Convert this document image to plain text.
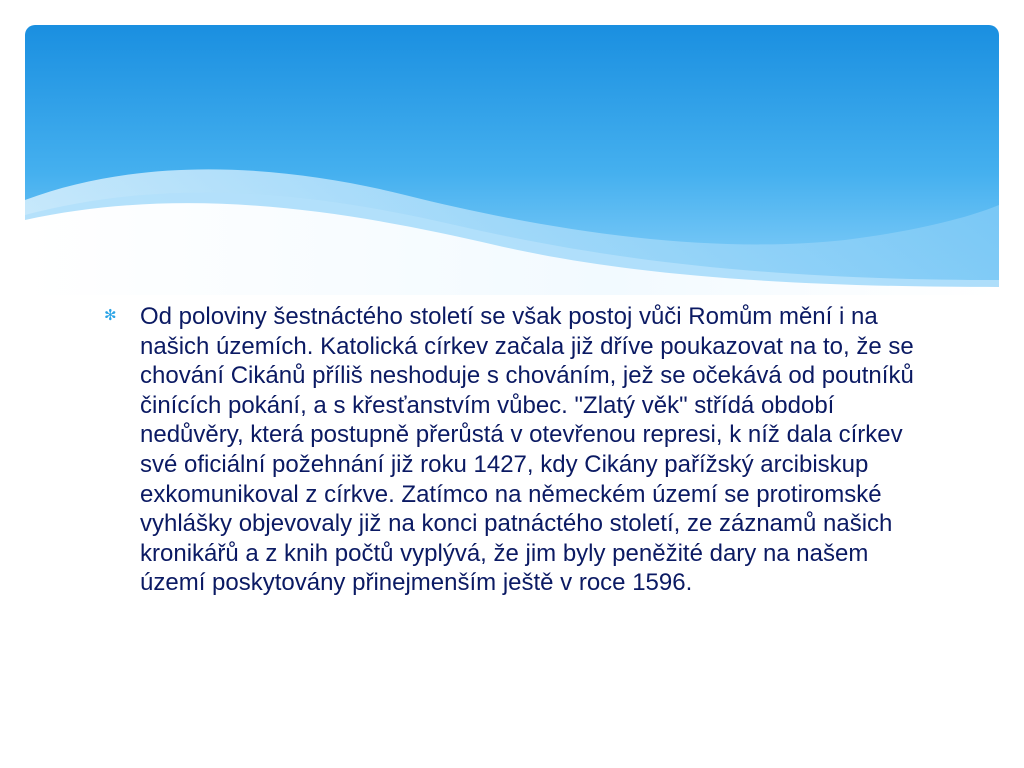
✻ Od poloviny šestnáctého století se však postoj vůči Romům mění i na našich územích. Katolická církev začala již dříve poukazovat na to, že se chování Cikánů příliš neshoduje s chováním, jež se očekává od poutníků činících pokání, a s křesťanstvím vůbec. "Zlatý věk" střídá období nedůvěry, která postupně přerůstá v otevřenou represi, k níž dala církev své oficiální požehnání již roku 1427, kdy Cikány pařížský arcibiskup exkomunikoval z církve. Zatímco na německém území se protiromské vyhlášky objevovaly již na konci patnáctého století, ze záznamů našich kronikářů a z knih počtů vyplývá, že jim byly peněžité dary na našem území poskytovány přinejmenším ještě v roce 1596.
